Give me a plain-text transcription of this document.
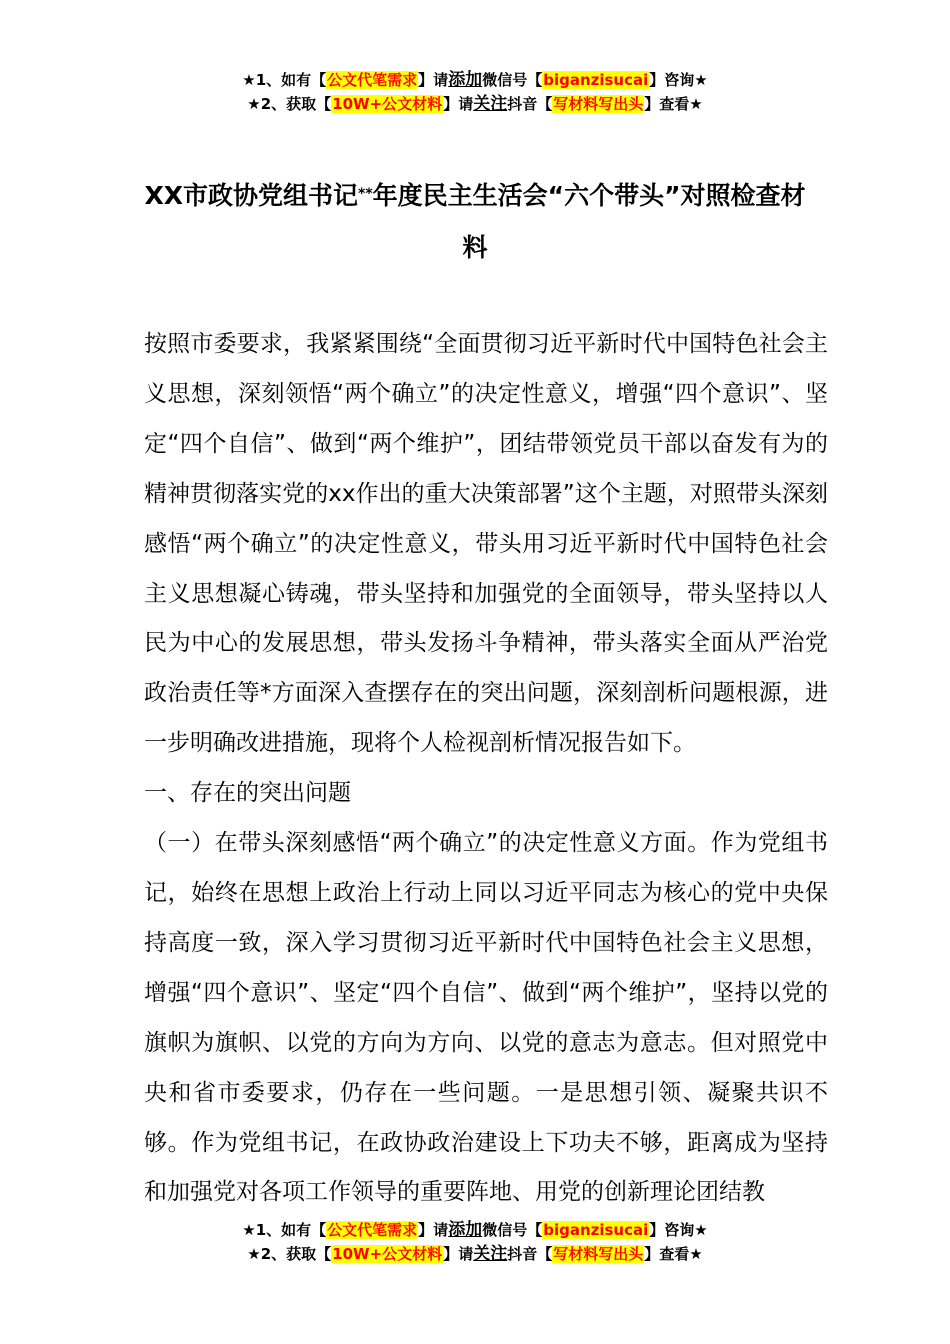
★1、如有【公文代笔需求】请添加微信号【biganzisucai】咨询★
★2、获取【10W+公文材料】请关注抖音【写材料写出头】查看★
XX市政协党组书记**年度民主生活会“六个带头”对照检查材料

按照市委要求，我紧紧围绕“全面贯彻习近平新时代中国特色社会主义思想，深刻领悟“两个确立”的决定性意义，增强“四个意识”、坚定“四个自信”、做到“两个维护”，团结带领党员干部以奋发有为的精神贯彻落实党的xx作出的重大决策部署”这个主题，对照带头深刻感悟“两个确立”的决定性意义，带头用习近平新时代中国特色社会主义思想凝心铸魂，带头坚持和加强党的全面领导，带头坚持以人民为中心的发展思想，带头发扬斗争精神，带头落实全面从严治党政治责任等*方面深入查摆存在的突出问题，深刻剖析问题根源，进一步明确改进措施，现将个人检视剖析情况报告如下。

一、存在的突出问题

（一）在带头深刻感悟“两个确立”的决定性意义方面。作为党组书记，始终在思想上政治上行动上同以习近平同志为核心的党中央保持高度一致，深入学习贯彻习近平新时代中国特色社会主义思想，增强“四个意识”、坚定“四个自信”、做到“两个维护”，坚持以党的旗帜为旗帜、以党的方向为方向、以党的意志为意志。但对照党中央和省市委要求，仍存在一些问题。一是思想引领、凝聚共识不够。作为党组书记，在政协政治建设上下功夫不够，距离成为坚持和加强党对各项工作领导的重要阵地、用党的创新理论团结教

★1、如有【公文代笔需求】请添加微信号【biganzisucai】咨询★
★2、获取【10W+公文材料】请关注抖音【写材料写出头】查看★
